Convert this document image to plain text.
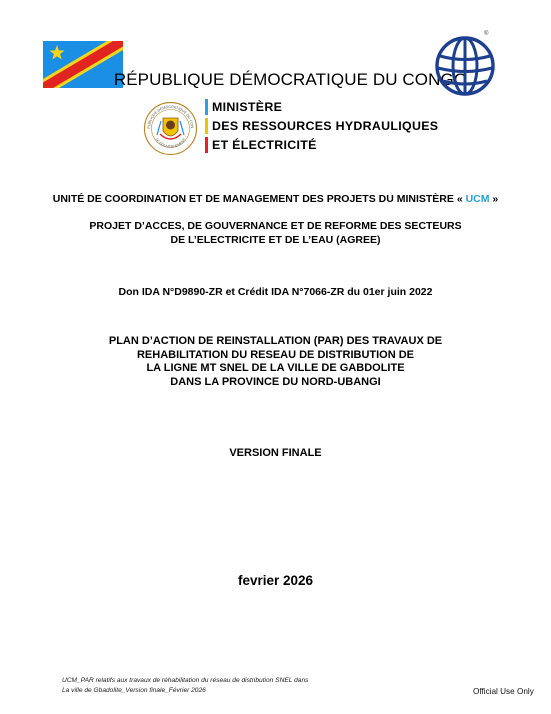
RÉPUBLIQUE DÉMOCRATIQUE DU CONGO
®
PUBLIQUE DÉMOCRATIQUE DU CON
LE GOUVERNEMENT
MINISTÈRE
DES RESSOURCES HYDRAULIQUES
ET ÉLECTRICITÉ
UNITÉ DE COORDINATION ET DE MANAGEMENT DES PROJETS DU MINISTÈRE « UCM »
PROJET D’ACCES, DE GOUVERNANCE ET DE REFORME DES SECTEURS
DE L’ELECTRICITE ET DE L’EAU (AGREE)
Don IDA N°D9890-ZR et Crédit IDA N°7066-ZR du 01er juin 2022
PLAN D’ACTION DE REINSTALLATION (PAR) DES TRAVAUX DE
REHABILITATION DU RESEAU DE DISTRIBUTION DE
LA LIGNE MT SNEL DE LA VILLE DE GABDOLITE
DANS LA PROVINCE DU NORD-UBANGI
VERSION FINALE
fevrier 2026
UCM_PAR relatifs aux travaux de réhabilitation du réseau de distribution SNEL dans
La ville de Gbadolite_Version finale_Février 2026	Official Use Only
